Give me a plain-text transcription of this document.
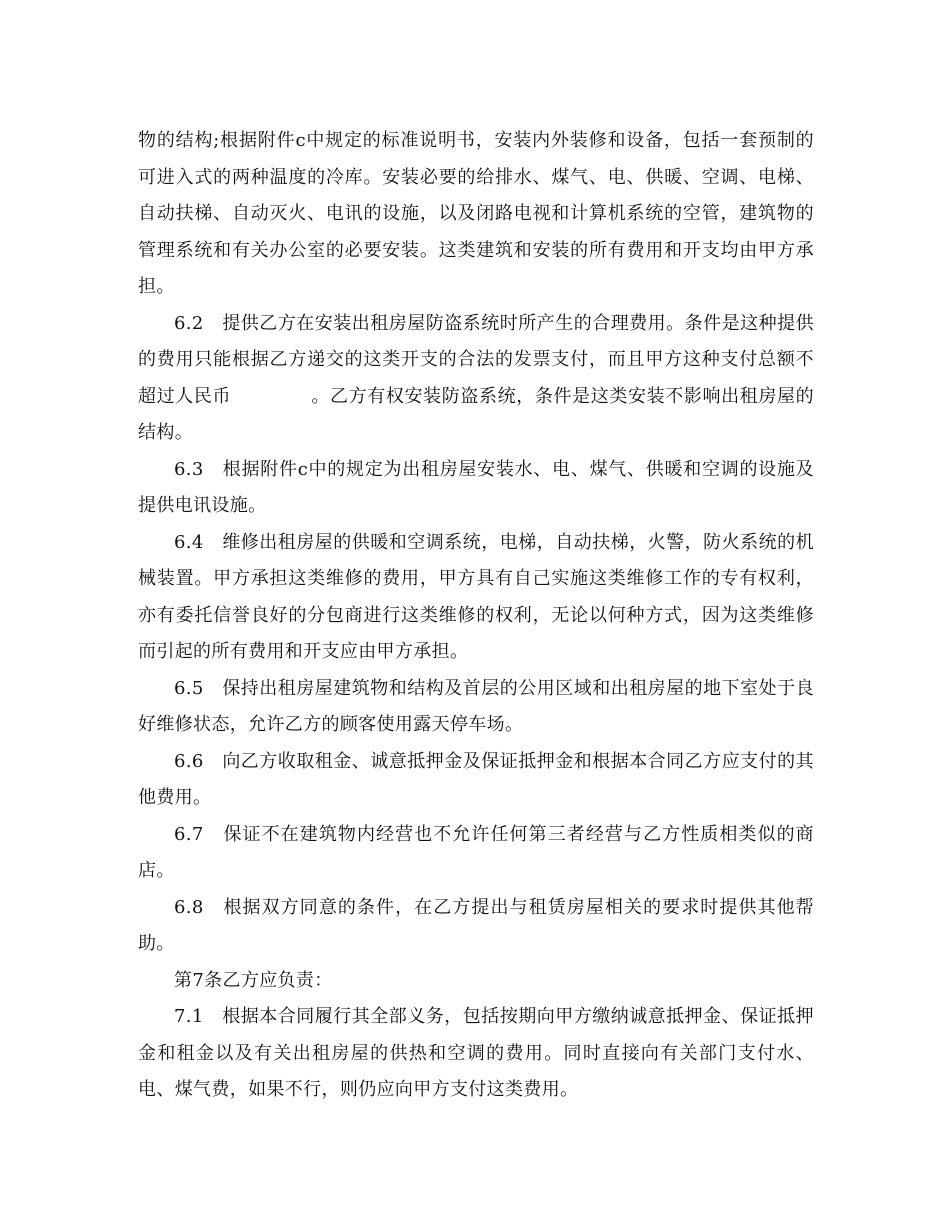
物的结构;根据附件c中规定的标准说明书，安装内外装修和设备，包括一套预制的可进入式的两种温度的冷库。安装必要的给排水、煤气、电、供暖、空调、电梯、自动扶梯、自动灭火、电讯的设施，以及闭路电视和计算机系统的空管，建筑物的管理系统和有关办公室的必要安装。这类建筑和安装的所有费用和开支均由甲方承担。

6.2　提供乙方在安装出租房屋防盗系统时所产生的合理费用。条件是这种提供的费用只能根据乙方递交的这类开支的合法的发票支付，而且甲方这种支付总额不超过人民币	。乙方有权安装防盗系统，条件是这类安装不影响出租房屋的结构。

6.3　根据附件c中的规定为出租房屋安装水、电、煤气、供暖和空调的设施及提供电讯设施。

6.4　维修出租房屋的供暖和空调系统，电梯，自动扶梯，火警，防火系统的机械装置。甲方承担这类维修的费用，甲方具有自己实施这类维修工作的专有权利，亦有委托信誉良好的分包商进行这类维修的权利，无论以何种方式，因为这类维修而引起的所有费用和开支应由甲方承担。

6.5　保持出租房屋建筑物和结构及首层的公用区域和出租房屋的地下室处于良好维修状态，允许乙方的顾客使用露天停车场。

6.6　向乙方收取租金、诚意抵押金及保证抵押金和根据本合同乙方应支付的其他费用。

6.7　保证不在建筑物内经营也不允许任何第三者经营与乙方性质相类似的商店。

6.8　根据双方同意的条件，在乙方提出与租赁房屋相关的要求时提供其他帮助。

第7条乙方应负责：

7.1　根据本合同履行其全部义务，包括按期向甲方缴纳诚意抵押金、保证抵押金和租金以及有关出租房屋的供热和空调的费用。同时直接向有关部门支付水、电、煤气费，如果不行，则仍应向甲方支付这类费用。
